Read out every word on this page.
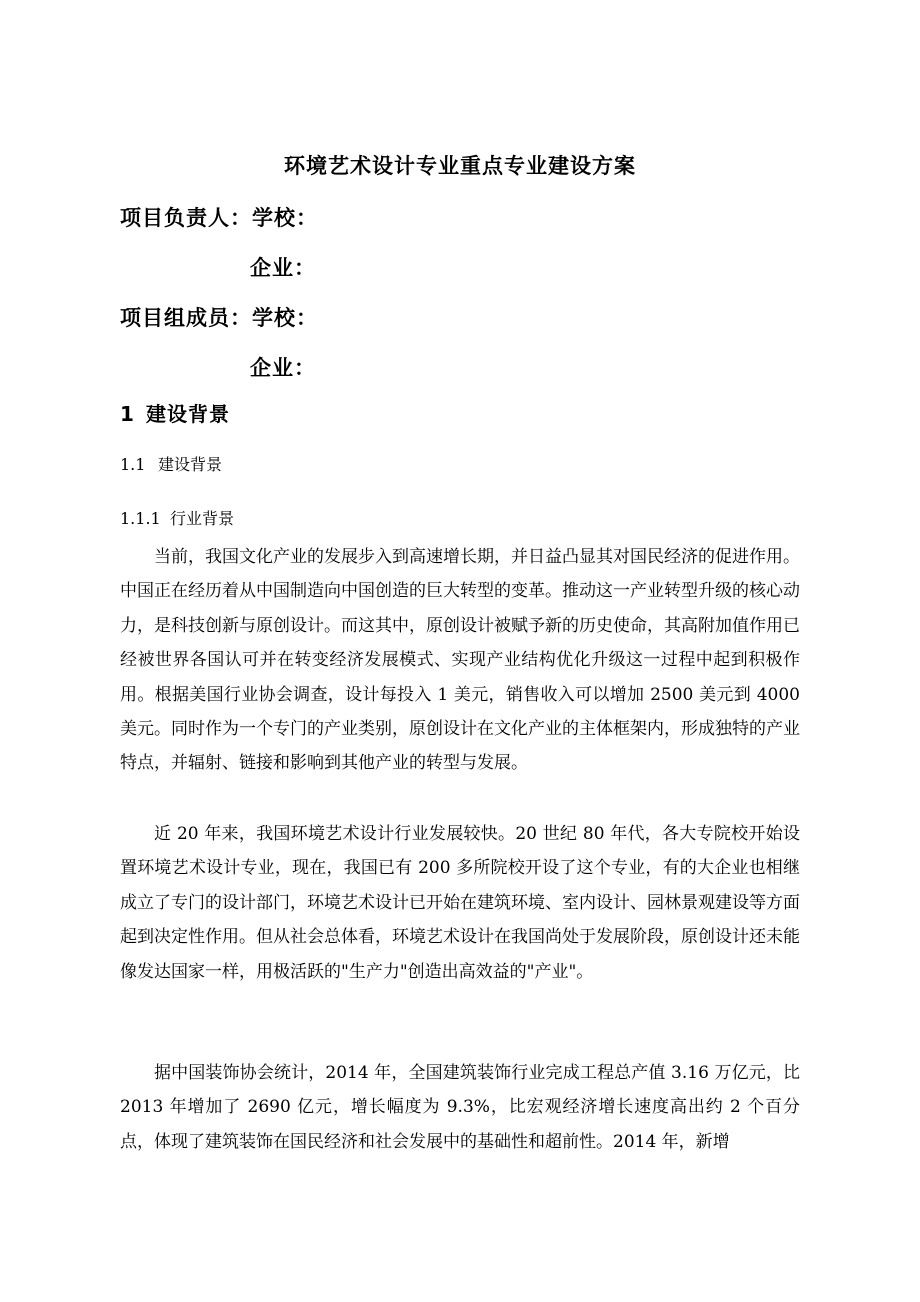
环境艺术设计专业重点专业建设方案
项目负责人：学校：
企业：
项目组成员：学校：
企业：
1 建设背景
1.1 建设背景
1.1.1 行业背景

当前，我国文化产业的发展步入到高速增长期，并日益凸显其对国民经济的促进作用。中国正在经历着从中国制造向中国创造的巨大转型的变革。推动这一产业转型升级的核心动力，是科技创新与原创设计。而这其中，原创设计被赋予新的历史使命，其高附加值作用已经被世界各国认可并在转变经济发展模式、实现产业结构优化升级这一过程中起到积极作用。根据美国行业协会调查，设计每投入 1 美元，销售收入可以增加 2500 美元到 4000 美元。同时作为一个专门的产业类别，原创设计在文化产业的主体框架内，形成独特的产业特点，并辐射、链接和影响到其他产业的转型与发展。

近 20 年来，我国环境艺术设计行业发展较快。20 世纪 80 年代，各大专院校开始设置环境艺术设计专业，现在，我国已有 200 多所院校开设了这个专业，有的大企业也相继成立了专门的设计部门，环境艺术设计已开始在建筑环境、室内设计、园林景观建设等方面起到决定性作用。但从社会总体看，环境艺术设计在我国尚处于发展阶段，原创设计还未能像发达国家一样，用极活跃的"生产力"创造出高效益的"产业"。

据中国装饰协会统计，2014 年，全国建筑装饰行业完成工程总产值 3.16 万亿元，比 2013 年增加了 2690 亿元，增长幅度为 9.3%，比宏观经济增长速度高出约 2 个百分点，体现了建筑装饰在国民经济和社会发展中的基础性和超前性。2014 年，新增
